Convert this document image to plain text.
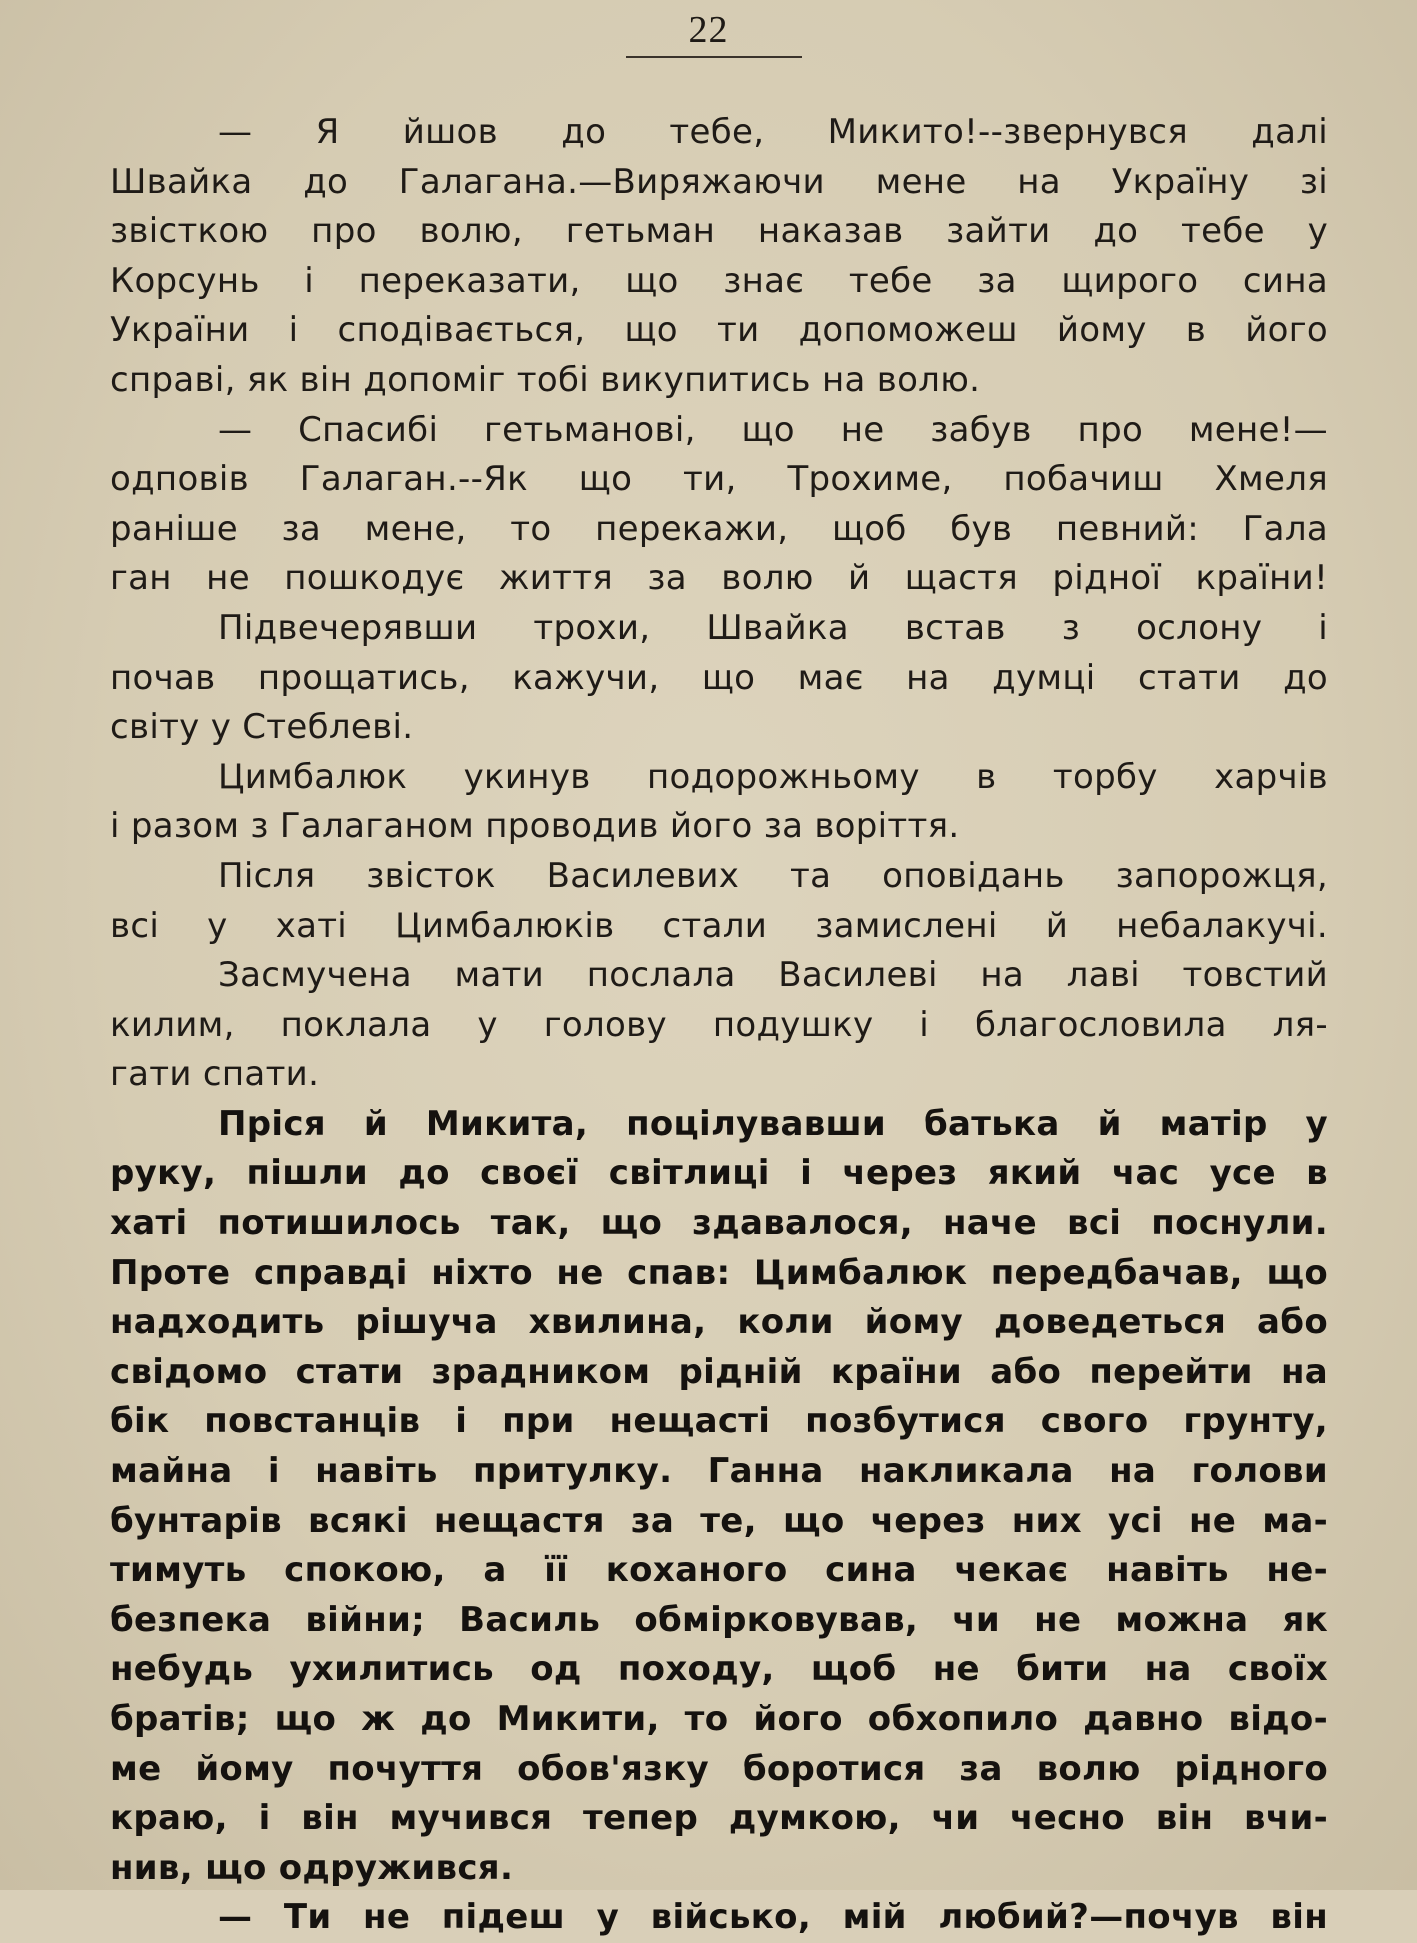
22
— Я йшов до тебе, Микито!--звернувся далі
Швайка до Галагана.—Виряжаючи мене на Україну зі
звісткою про волю, гетьман наказав зайти до тебе у
Корсунь і переказати, що знає тебе за щирого сина
України і сподівається, що ти допоможеш йому в його
справі, як він допоміг тобі викупитись на волю.
— Спасибі гетьманові, що не забув про мене!—
одповів Галаган.--Як що ти, Трохиме, побачиш Хмеля
раніше за мене, то перекажи, щоб був певний: Гала
ган не пошкодує життя за волю й щастя рідної країни!
Підвечерявши трохи, Швайка встав з ослону і
почав прощатись, кажучи, що має на думці стати до
світу у Стеблеві.
Цимбалюк укинув подорожньому в торбу харчів
і разом з Галаганом проводив його за воріття.
Після звісток Василевих та оповідань запорожця,
всі у хаті Цимбалюків стали замислені й небалакучі.
Засмучена мати послала Василеві на лаві товстий
килим, поклала у голову подушку і благословила ля-
гати спати.
Пріся й Микита, поцілувавши батька й матір у
руку, пішли до своєї світлиці і через який час усе в
хаті потишилось так, що здавалося, наче всі поснули.
Проте справді ніхто не спав: Цимбалюк передбачав, що
надходить рішуча хвилина, коли йому доведеться або
свідомо стати зрадником рідній країни або перейти на
бік повстанців і при нещасті позбутися свого грунту,
майна і навіть притулку. Ганна накликала на голови
бунтарів всякі нещастя за те, що через них усі не ма-
тимуть спокою, а її коханого сина чекає навіть не-
безпека війни; Василь обмірковував, чи не можна як
небудь ухилитись од походу, щоб не бити на своїх
братів; що ж до Микити, то його обхопило давно відо-
ме йому почуття обов'язку боротися за волю рідного
краю, і він мучився тепер думкою, чи чесно він вчи-
нив, що одружився.
— Ти не підеш у військо, мій любий?—почув він
